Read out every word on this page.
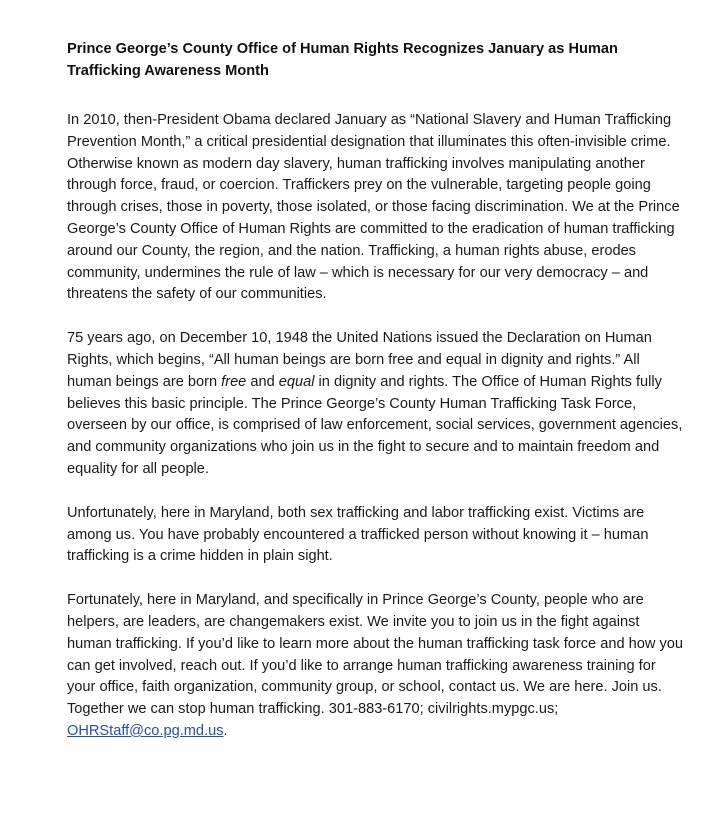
Prince George’s County Office of Human Rights Recognizes January as Human Trafficking Awareness Month

In 2010, then-President Obama declared January as “National Slavery and Human Trafficking Prevention Month,” a critical presidential designation that illuminates this often-invisible crime. Otherwise known as modern day slavery, human trafficking involves manipulating another through force, fraud, or coercion. Traffickers prey on the vulnerable, targeting people going through crises, those in poverty, those isolated, or those facing discrimination. We at the Prince George’s County Office of Human Rights are committed to the eradication of human trafficking around our County, the region, and the nation. Trafficking, a human rights abuse, erodes community, undermines the rule of law – which is necessary for our very democracy – and threatens the safety of our communities.

75 years ago, on December 10, 1948 the United Nations issued the Declaration on Human Rights, which begins, “All human beings are born free and equal in dignity and rights.” All human beings are born free and equal in dignity and rights. The Office of Human Rights fully believes this basic principle. The Prince George’s County Human Trafficking Task Force, overseen by our office, is comprised of law enforcement, social services, government agencies, and community organizations who join us in the fight to secure and to maintain freedom and equality for all people.

Unfortunately, here in Maryland, both sex trafficking and labor trafficking exist. Victims are among us. You have probably encountered a trafficked person without knowing it – human trafficking is a crime hidden in plain sight.

Fortunately, here in Maryland, and specifically in Prince George’s County, people who are helpers, are leaders, are changemakers exist. We invite you to join us in the fight against human trafficking. If you’d like to learn more about the human trafficking task force and how you can get involved, reach out. If you’d like to arrange human trafficking awareness training for your office, faith organization, community group, or school, contact us. We are here. Join us. Together we can stop human trafficking. 301-883-6170; civilrights.mypgc.us; OHRStaff@co.pg.md.us.
